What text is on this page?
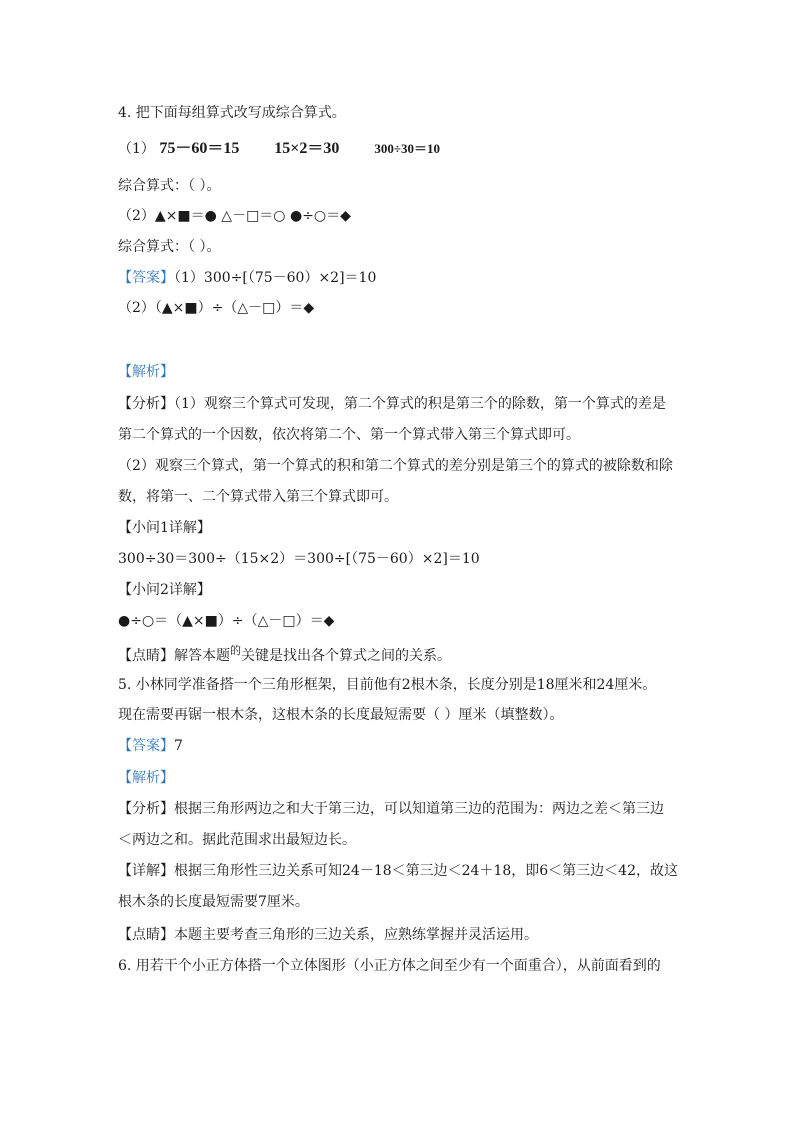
4. 把下面每组算式改写成综合算式。
（1） 75－60＝15 15×2＝30	300÷30＝10
综合算式：（ ）。
（2）▲×■＝● △－□＝○ ●÷○＝◆
综合算式：（ ）。
【答案】（1）300÷[（75－60）×2]＝10
（2）（▲×■）÷（△－□）＝◆
【解析】
【分析】（1）观察三个算式可发现，第二个算式的积是第三个的除数，第一个算式的差是
第二个算式的一个因数，依次将第二个、第一个算式带入第三个算式即可。
（2）观察三个算式，第一个算式的积和第二个算式的差分别是第三个的算式的被除数和除
数，将第一、二个算式带入第三个算式即可。
【小问1详解】
300÷30＝300÷（15×2）＝300÷[（75－60）×2]＝10
【小问2详解】
●÷○＝（▲×■）÷（△－□）＝◆
【点睛】解答本题$^的$关键是找出各个算式之间的关系。
5. 小林同学准备搭一个三角形框架，目前他有2根木条，长度分别是18厘米和24厘米。
现在需要再锯一根木条，这根木条的长度最短需要（ ）厘米（填整数）。
【答案】7
【解析】
【分析】根据三角形两边之和大于第三边，可以知道第三边的范围为：两边之差＜第三边
＜两边之和。据此范围求出最短边长。
【详解】根据三角形性三边关系可知24－18＜第三边＜24＋18，即6＜第三边＜42，故这
根木条的长度最短需要7厘米。
【点睛】本题主要考查三角形的三边关系，应熟练掌握并灵活运用。
6. 用若干个小正方体搭一个立体图形（小正方体之间至少有一个面重合），从前面看到的
